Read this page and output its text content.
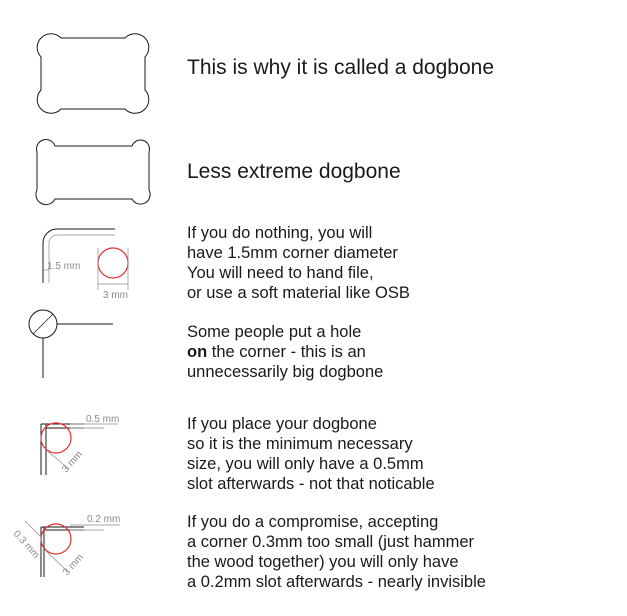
1.5 mm
3 mm
0.5 mm
3 mm
0.2 mm
0.3 mm
3 mm
This is why it is called a dogbone
Less extreme dogbone
If you do nothing, you will
have 1.5mm corner diameter
You will need to hand file,
or use a soft material like OSB
Some people put a hole
on the corner - this is an
unnecessarily big dogbone
If you place your dogbone
so it is the minimum necessary
size, you will only have a 0.5mm
slot afterwards - not that noticable
If you do a compromise, accepting
a corner 0.3mm too small (just hammer
the wood together) you will only have
a 0.2mm slot afterwards - nearly invisible
